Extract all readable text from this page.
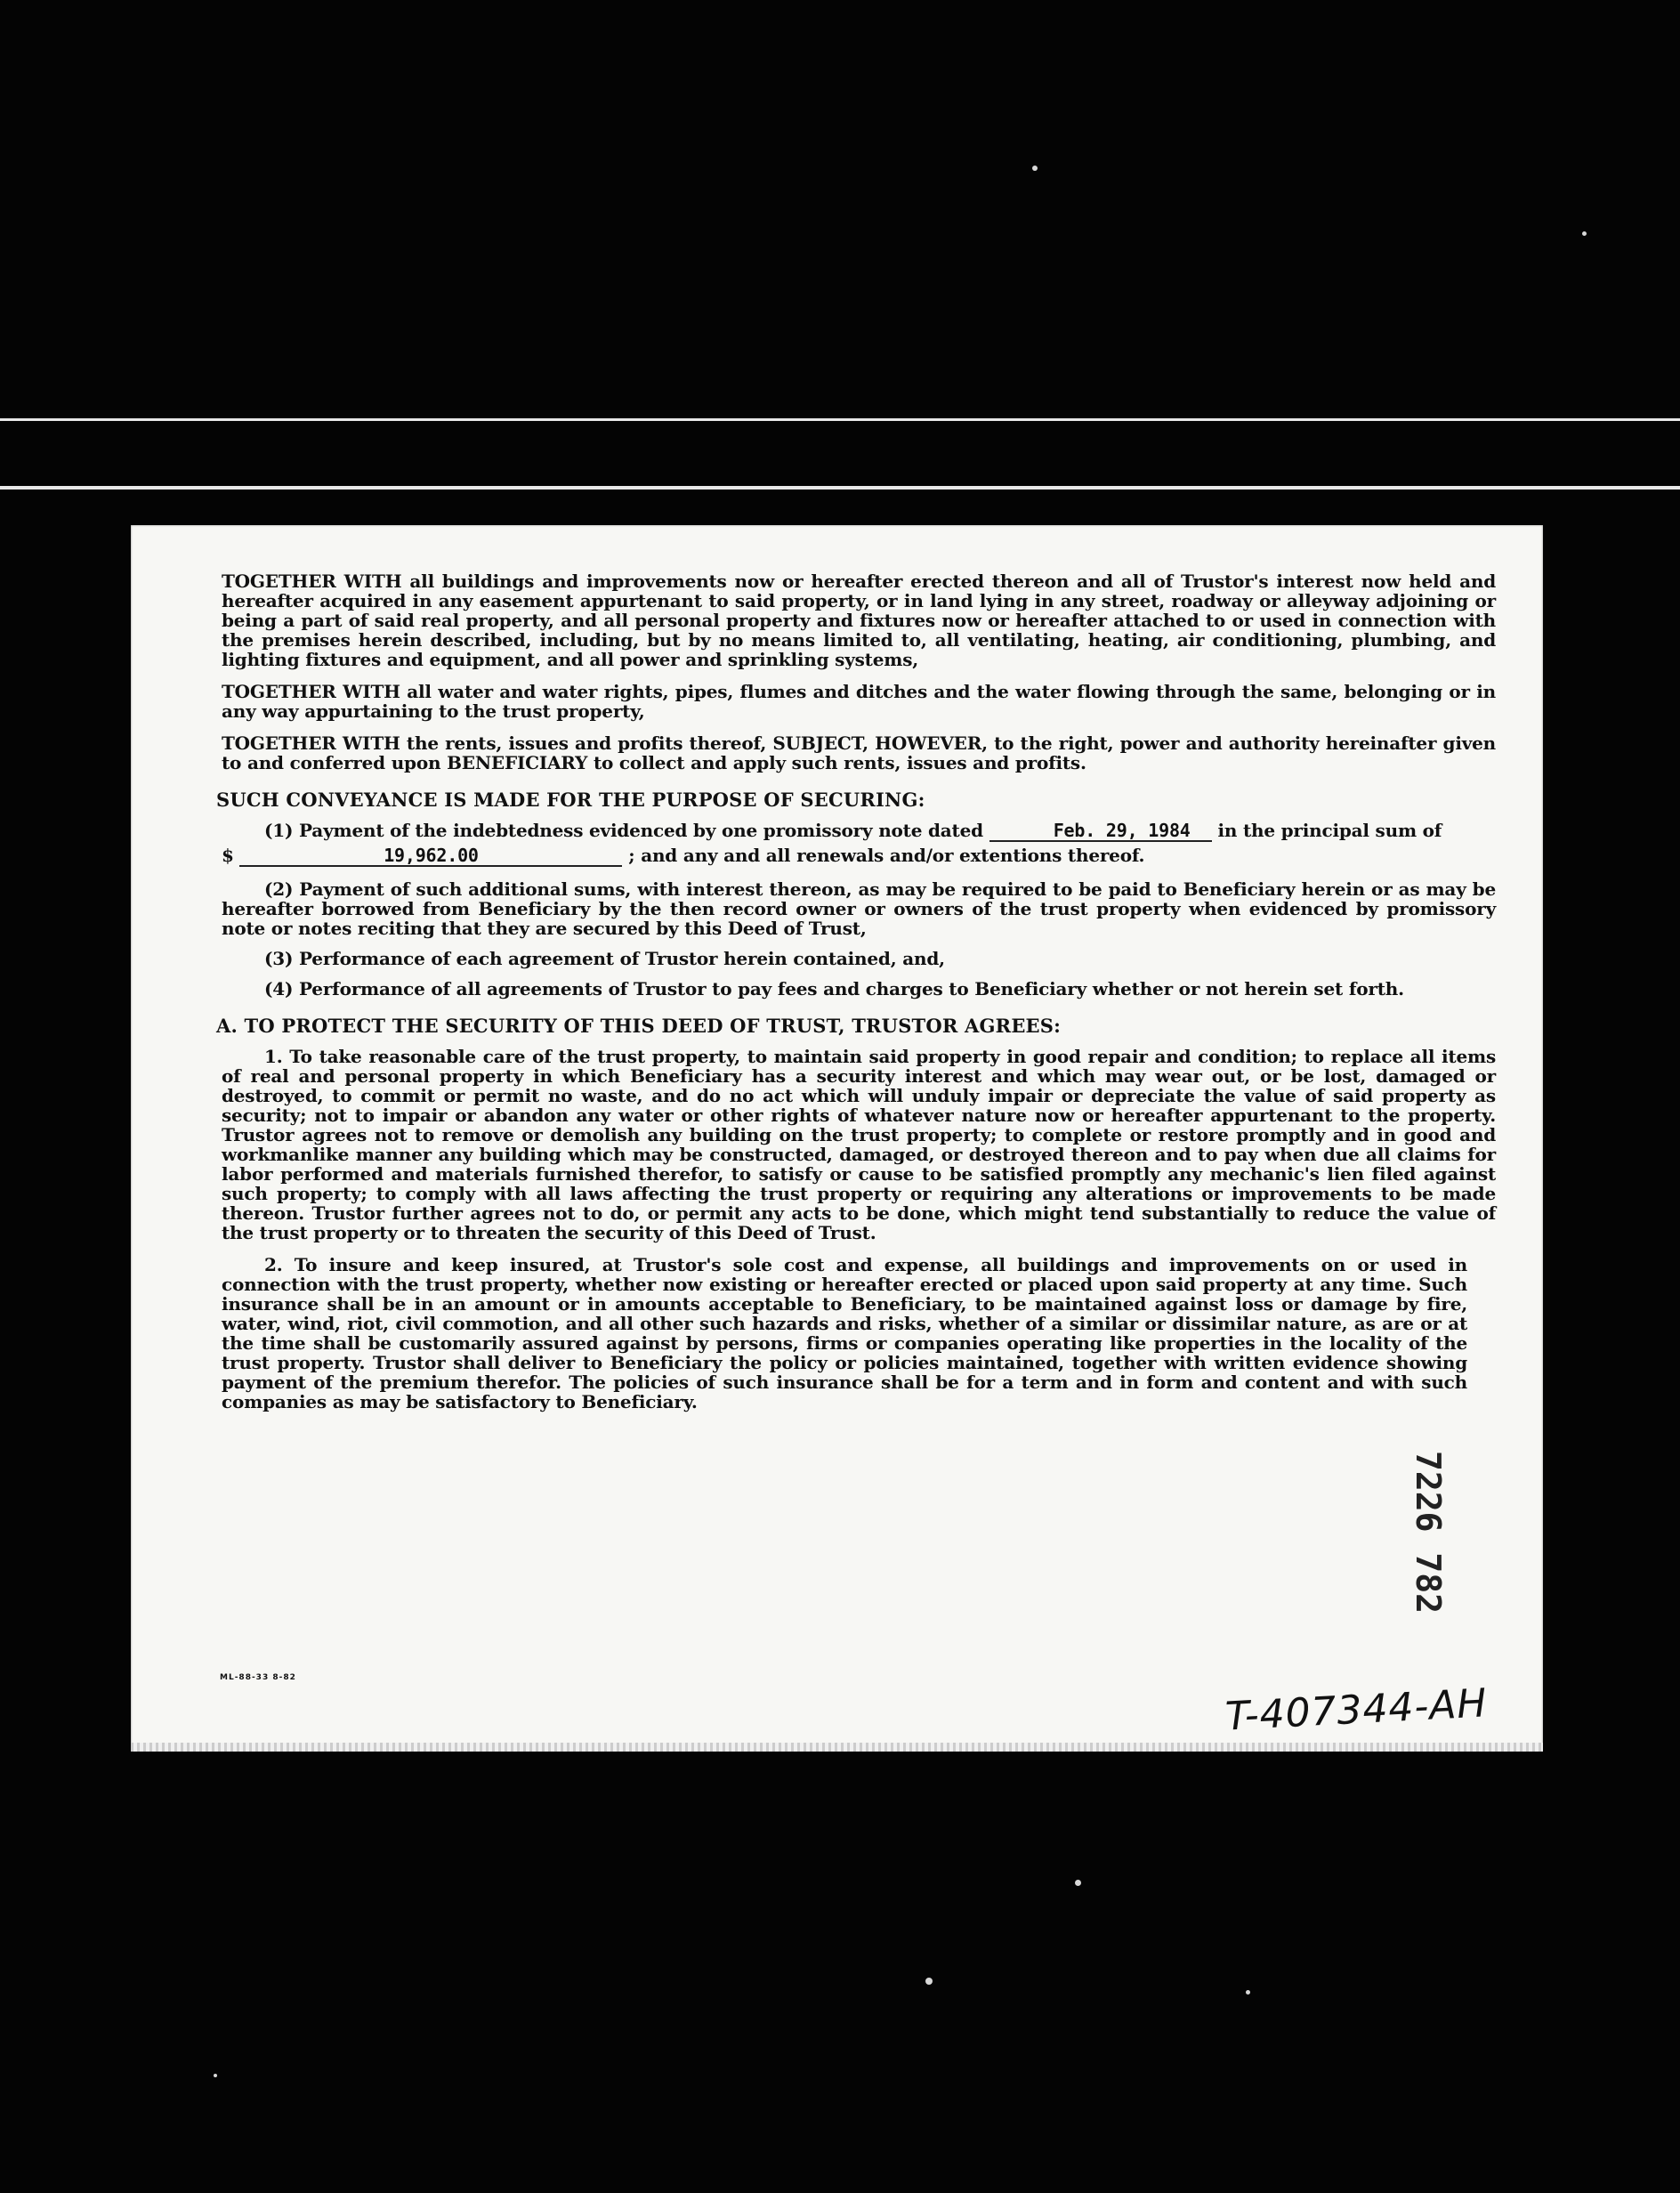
TOGETHER WITH all buildings and improvements now or hereafter erected thereon and all of Trustor's interest now held and hereafter acquired in any easement appurtenant to said property, or in land lying in any street, roadway or alleyway adjoining or being a part of said real property, and all personal property and fixtures now or hereafter attached to or used in connection with the premises herein described, including, but by no means limited to, all ventilating, heating, air conditioning, plumbing, and lighting fixtures and equipment, and all power and sprinkling systems,

TOGETHER WITH all water and water rights, pipes, flumes and ditches and the water flowing through the same, belonging or in any way appurtaining to the trust property,

TOGETHER WITH the rents, issues and profits thereof, SUBJECT, HOWEVER, to the right, power and authority hereinafter given to and conferred upon BENEFICIARY to collect and apply such rents, issues and profits.

SUCH CONVEYANCE IS MADE FOR THE PURPOSE OF SECURING:

(1) Payment of the indebtedness evidenced by one promissory note dated	Feb. 29, 1984 in the principal sum of

$	19,962.00	; and any and all renewals and/or extentions thereof.

(2) Payment of such additional sums, with interest thereon, as may be required to be paid to Beneficiary herein or as may be hereafter borrowed from Beneficiary by the then record owner or owners of the trust property when evidenced by promissory note or notes reciting that they are secured by this Deed of Trust,

(3) Performance of each agreement of Trustor herein contained, and,

(4) Performance of all agreements of Trustor to pay fees and charges to Beneficiary whether or not herein set forth.

A. TO PROTECT THE SECURITY OF THIS DEED OF TRUST, TRUSTOR AGREES:

1. To take reasonable care of the trust property, to maintain said property in good repair and condition; to replace all items of real and personal property in which Beneficiary has a security interest and which may wear out, or be lost, damaged or destroyed, to commit or permit no waste, and do no act which will unduly impair or depreciate the value of said property as security; not to impair or abandon any water or other rights of whatever nature now or hereafter appurtenant to the property. Trustor agrees not to remove or demolish any building on the trust property; to complete or restore promptly and in good and workmanlike manner any building which may be constructed, damaged, or destroyed thereon and to pay when due all claims for labor performed and materials furnished therefor, to satisfy or cause to be satisfied promptly any mechanic's lien filed against such property; to comply with all laws affecting the trust property or requiring any alterations or improvements to be made thereon. Trustor further agrees not to do, or permit any acts to be done, which might tend substantially to reduce the value of the trust property or to threaten the security of this Deed of Trust.

2. To insure and keep insured, at Trustor's sole cost and expense, all buildings and improvements on or used in connection with the trust property, whether now existing or hereafter erected or placed upon said property at any time. Such insurance shall be in an amount or in amounts acceptable to Beneficiary, to be maintained against loss or damage by fire, water, wind, riot, civil commotion, and all other such hazards and risks, whether of a similar or dissimilar nature, as are or at the time shall be customarily assured against by persons, firms or companies operating like properties in the locality of the trust property. Trustor shall deliver to Beneficiary the policy or policies maintained, together with written evidence showing payment of the premium therefor. The policies of such insurance shall be for a term and in form and content and with such companies as may be satisfactory to Beneficiary.

ML-88-33 8-82
T-407344-AH
7226 782
